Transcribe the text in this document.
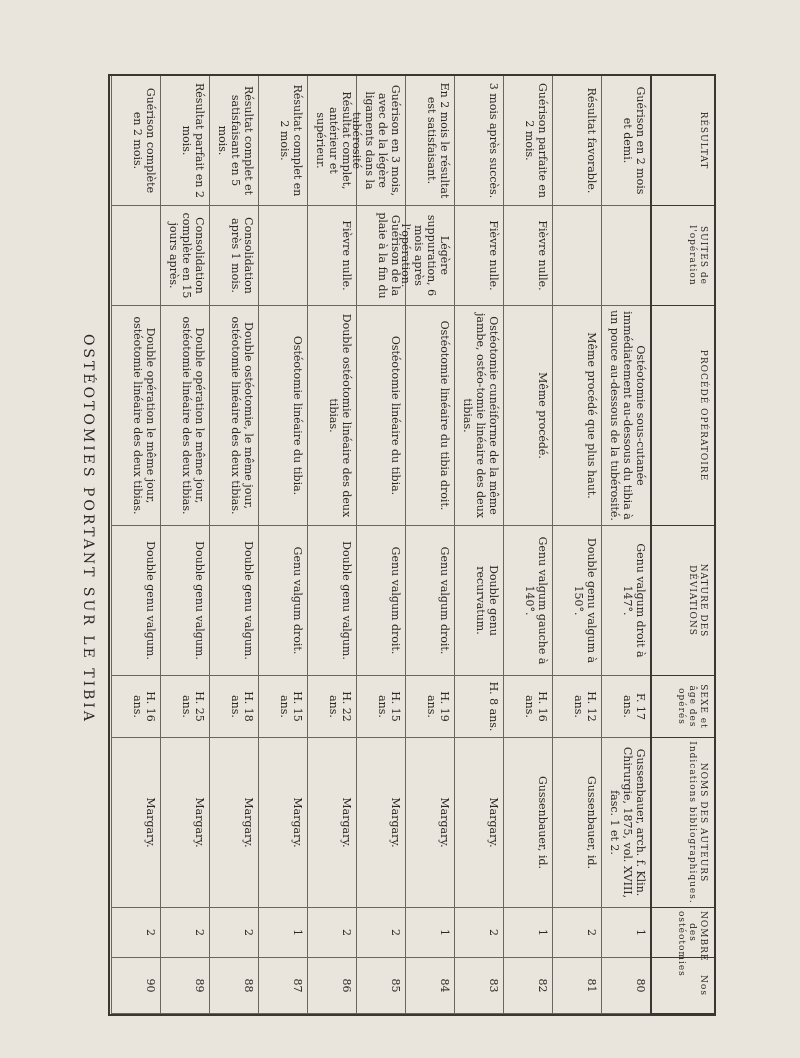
OSTÉOTOMIES PORTANT SUR LE TIBIA
RÉSULTAT
SUITES de l'opération
PROCÉDÉ OPÉRATOIRE
NATURE DES DÉVIATIONS
SEXE et âge des opérés
NOMS DES AUTEURS Indications bibliographiques.
NOMBRE des ostéotomies
Nos
Guérison en 2 mois et demi.
Ostéotomie sous-cutanée immédiatement au-dessous du tibia à un pouce au-dessous de la tubérosité.
Genu valgum droit à 147°.
F. 17 ans.
Gussenbauer, arch. f. Klin. Chirurgie, 1875, vol. XVIII, fasc. 1 et 2.
1
80
Résultat favorable.
Même procédé que plus haut.
Double genu valgum à 150°.
H. 12 ans.
Gussenbauer, id.
2
81
Guérison parfaite en 2 mois.
Fièvre nulle.
Même procédé.
Genu valgum gauche à 140°.
H. 16 ans.
Gussenbauer, id.
1
82
3 mois après succès.
Fièvre nulle.
Ostéotomie cunéiforme de la même jambe, ostéo-tomie linéaire des deux tibias.
Double genu recurvatum.
H. 8 ans.
Margary.
2
83
En 2 mois le résultat est satisfaisant.
Légère suppuration, 6 mois après l'opération.
Ostéotomie linéaire du tibia droit.
Genu valgum droit.
H. 19 ans.
Margary.
1
84
Guérison en 3 mois, avec de la légère ligaments dans la tubérosité
Guérison de la plaie à la fin du
Ostéotomie linéaire du tibia.
Genu valgum droit.
H. 15 ans.
Margary.
2
85
Résultat complet, antérieur et supérieur.
Fièvre nulle.
Double ostéotomie linéaire des deux tibias.
Double genu valgum.
H. 22 ans.
Margary.
2
86
Résultat complet en 2 mois.
Ostéotomie linéaire du tibia.
Genu valgum droit.
H. 15 ans.
Margary.
1
87
Résultat complet et satisfaisant en 5 mois.
Consolidation après 1 mois.
Double ostéotomie, le même jour, ostéotomie linéaire des deux tibias.
Double genu valgum.
H. 18 ans.
Margary.
2
88
Résultat parfait en 2 mois.
Consolidation complète en 15 jours après.
Double opération le même jour, ostéotomie linéaire des deux tibias.
Double genu valgum.
H. 25 ans.
Margary.
2
89
Guérison complète en 2 mois.
Double opération le même jour, ostéotomie linéaire des deux tibias.
Double genu valgum.
H. 16 ans.
Margary.
2
90
